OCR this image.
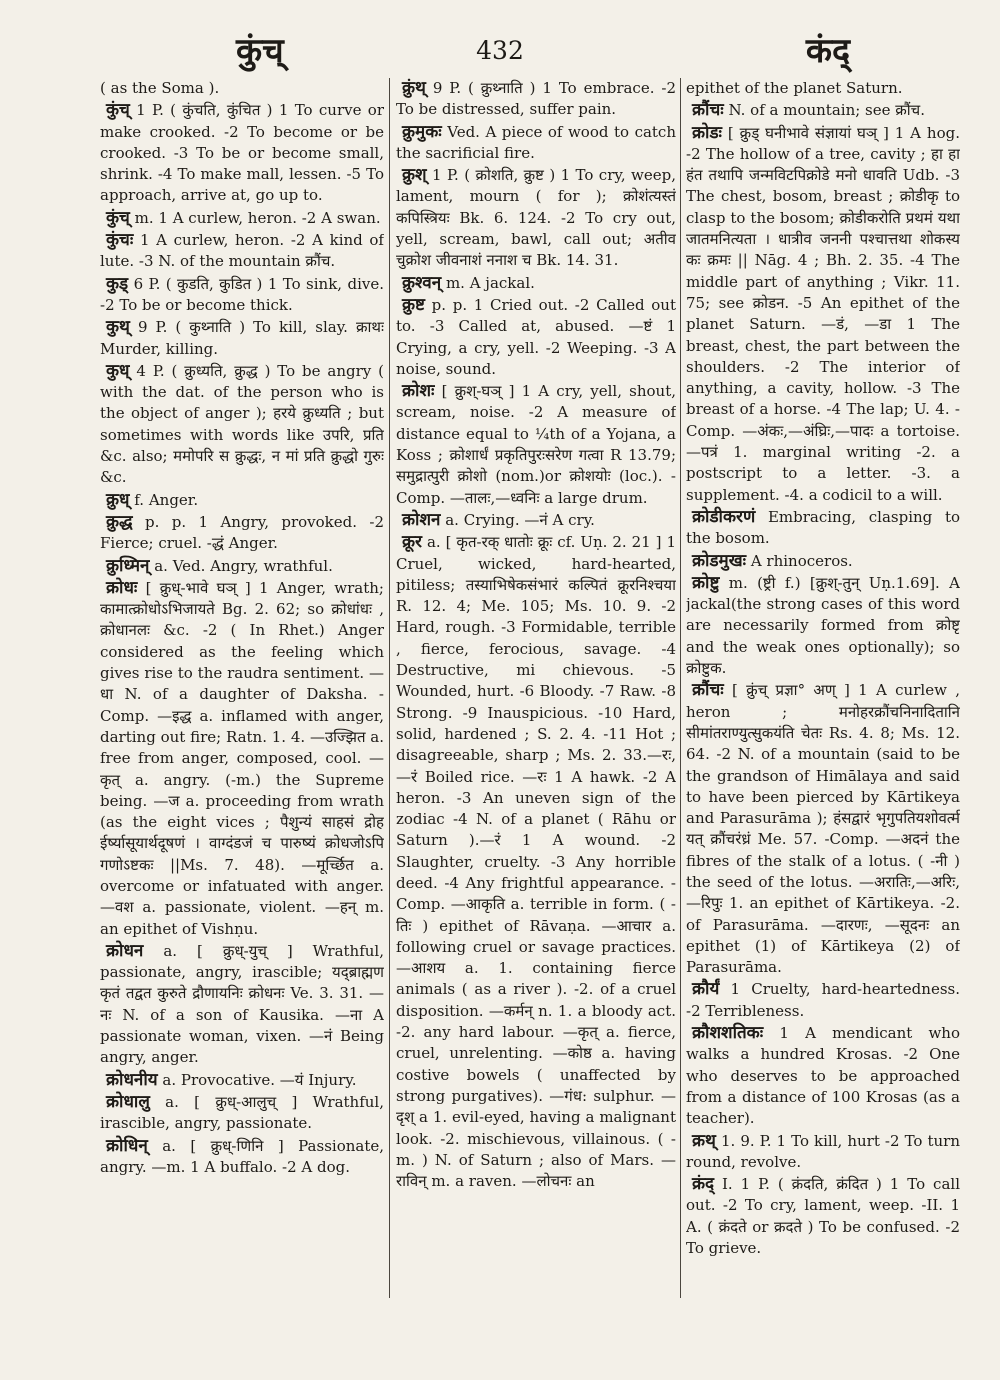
कुंच्	432	कंद्

( as the Soma ).

कुंच् 1 P. ( कुंचति, कुंचित ) 1 To curve or make crooked. -2 To become or be crooked. -3 To be or become small, shrink. -4 To make mall, lessen. -5 To approach, arrive at, go up to.

कुंच् m. 1 A curlew, heron. -2 A swan.

कुंचः 1 A curlew, heron. -2 A kind of lute. -3 N. of the mountain क्रौंच.

कुड् 6 P. ( कुडति, कुडित ) 1 To sink, dive. -2 To be or become thick.

कुथ् 9 P. ( कुथ्नाति ) To kill, slay. क्राथः Murder, killing.

कुध् 4 P. ( क्रुध्यति, क्रुद्ध ) To be angry ( with the dat. of the person who is the object of anger ); हरये क्रुध्यति ; but sometimes with words like उपरि, प्रति &c. also; ममोपरि स क्रुद्धः, न मां प्रति क्रुद्धो गुरुः &c.

क्रुध् f. Anger.

क्रुद्ध p. p. 1 Angry, provoked. -2 Fierce; cruel. -द्धं Anger.

क्रुध्मिन् a. Ved. Angry, wrathful.

क्रोधः [ क्रुध्-भावे घञ् ] 1 Anger, wrath; कामात्क्रोधोऽभिजायते Bg. 2. 62; so क्रोधांधः , क्रोधानलः &c. -2 ( In Rhet.) Anger considered as the feeling which gives rise to the raudra sentiment. —धा N. of a daughter of Daksha. -Comp. —इद्ध a. inflamed with anger, darting out fire; Ratn. 1. 4. —उज्झित a. free from anger, composed, cool. —कृत् a. angry. (-m.) the Supreme being. —ज a. proceeding from wrath (as the eight vices ; पैशुन्यं साहसं द्रोह ईर्ष्यासूयार्थदूषणं । वाग्दंडजं च पारुष्यं क्रोधजोऽपि गणोऽष्टकः ||Ms. 7. 48). —मूर्च्छित a. overcome or infatuated with anger. —वश a. passionate, violent. —हन् m. an epithet of Vishṇu.

क्रोधन a. [ क्रुध्-युच् ] Wrathful, passionate, angry, irascible; यद्ब्राह्मण कृतं तद्वत कुरुते द्रौणायनिः क्रोधनः Ve. 3. 31. —नः N. of a son of Kausika. —ना A passionate woman, vixen. —नं Being angry, anger.

क्रोधनीय a. Provocative. —यं Injury.

क्रोधालु a. [ क्रुध्-आलुच् ] Wrathful, irascible, angry, passionate.

क्रोधिन् a. [ क्रुध्-णिनि ] Passionate, angry. —m. 1 A buffalo. -2 A dog.

क्रुंथ् 9 P. ( क्रुथ्नाति ) 1 To embrace. -2 To be distressed, suffer pain.

क्रुमुकः Ved. A piece of wood to catch the sacrificial fire.

क्रुश् 1 P. ( क्रोशति, क्रुष्ट ) 1 To cry, weep, lament, mourn ( for ); क्रोशंत्यस्तं कपिस्त्रियः Bk. 6. 124. -2 To cry out, yell, scream, bawl, call out; अतीव चुक्रोश जीवनाशं ननाश च Bk. 14. 31.

क्रुश्वन् m. A jackal.

क्रुष्ट p. p. 1 Cried out. -2 Called out to. -3 Called at, abused. —ष्टं 1 Crying, a cry, yell. -2 Weeping. -3 A noise, sound.

क्रोशः [ क्रुश्-घञ् ] 1 A cry, yell, shout, scream, noise. -2 A measure of distance equal to ¼th of a Yojana, a Koss ; क्रोशार्धं प्रकृतिपुरःसरेण गत्वा R 13.79; समुद्रात्पुरी क्रोशो (nom.)or क्रोशयोः (loc.). -Comp. —तालः,—ध्वनिः a large drum.

क्रोशन a. Crying. —नं A cry.

क्रूर a. [ कृत-रक् धातोः क्रूः cf. Uṇ. 2. 21 ] 1 Cruel, wicked, hard-hearted, pitiless; तस्याभिषेकसंभारं कल्पितं क्रूरनिश्चया R. 12. 4; Me. 105; Ms. 10. 9. -2 Hard, rough. -3 Formidable, terrible , fierce, ferocious, savage. -4 Destructive, mi chievous. -5 Wounded, hurt. -6 Bloody. -7 Raw. -8 Strong. -9 Inauspicious. -10 Hard, solid, hardened ; S. 2. 4. -11 Hot ; disagreeable, sharp ; Ms. 2. 33.—रः,—रं Boiled rice. —रः 1 A hawk. -2 A heron. -3 An uneven sign of the zodiac -4 N. of a planet ( Rāhu or Saturn ).—रं 1 A wound. -2 Slaughter, cruelty. -3 Any horrible deed. -4 Any frightful appearance. -Comp. —आकृति a. terrible in form. ( -तिः ) epithet of Rāvaṇa. —आचार a. following cruel or savage practices. —आशय a. 1. containing fierce animals ( as a river ). -2. of a cruel disposition. —कर्मन् n. 1. a bloody act. -2. any hard labour. —कृत् a. fierce, cruel, unrelenting. —कोष्ठ a. having costive bowels ( unaffected by strong purgatives). —गंध: sulphur. —दृश् a 1. evil-eyed, having a malignant look. -2. mischievous, villainous. ( -m. ) N. of Saturn ; also of Mars. —राविन् m. a raven. —लोचनः an

epithet of the planet Saturn.

क्रौंचः N. of a mountain; see क्रौंच.

क्रोडः [ क्रुड् घनीभावे संज्ञायां घञ् ] 1 A hog. -2 The hollow of a tree, cavity ; हा हा हंत तथापि जन्मविटपिक्रोडे मनो धावति Udb. -3 The chest, bosom, breast ; क्रोडीकृ to clasp to the bosom; क्रोडीकरोति प्रथमं यथा जातमनित्यता । धात्रीव जननी पश्चात्तथा शोकस्य कः क्रमः || Nāg. 4 ; Bh. 2. 35. -4 The middle part of anything ; Vikr. 11. 75; see क्रोडन. -5 An epithet of the planet Saturn. —डं, —डा 1 The breast, chest, the part between the shoulders. -2 The interior of anything, a cavity, hollow. -3 The breast of a horse. -4 The lap; U. 4. -Comp. —अंकः,—अंघ्रिः,—पादः a tortoise. —पत्रं 1. marginal writing -2. a postscript to a letter. -3. a supplement. -4. a codicil to a will.

क्रोडीकरणं Embracing, clasping to the bosom.

क्रोडमुखः A rhinoceros.

क्रोष्टु m. (ष्ट्री f.) [क्रुश्-तुन् Uṇ.1.69]. A jackal(the strong cases of this word are necessarily formed from क्रोष्टृ and the weak ones optionally); so क्रोष्टुक.

क्रौंचः [ क्रुंच् प्रज्ञा° अण् ] 1 A curlew , heron ; मनोहरक्रौंचनिनादितानि सीमांतराण्युत्सुकयंति चेतः Rs. 4. 8; Ms. 12. 64. -2 N. of a mountain (said to be the grandson of Himālaya and said to have been pierced by Kārtikeya and Parasurāma ); हंसद्वारं भृगुपतियशोवर्त्म यत् क्रौंचरंध्रं Me. 57. -Comp. —अदनं the fibres of the stalk of a lotus. ( -नी ) the seed of the lotus. —अरातिः,—अरिः, —रिपुः 1. an epithet of Kārtikeya. -2. of Parasurāma. —दारणः, —सूदनः an epithet (1) of Kārtikeya (2) of Parasurāma.

क्रौर्यं 1 Cruelty, hard-heartedness. -2 Terribleness.

क्रौशशतिकः 1 A mendicant who walks a hundred Krosas. -2 One who deserves to be approached from a distance of 100 Krosas (as a teacher).

क्रथ् 1. 9. P. 1 To kill, hurt -2 To turn round, revolve.

क्रंद् I. 1 P. ( क्रंदति, क्रंदित ) 1 To call out. -2 To cry, lament, weep. -II. 1 A. ( क्रंदते or क्रदते ) To be confused. -2 To grieve.
